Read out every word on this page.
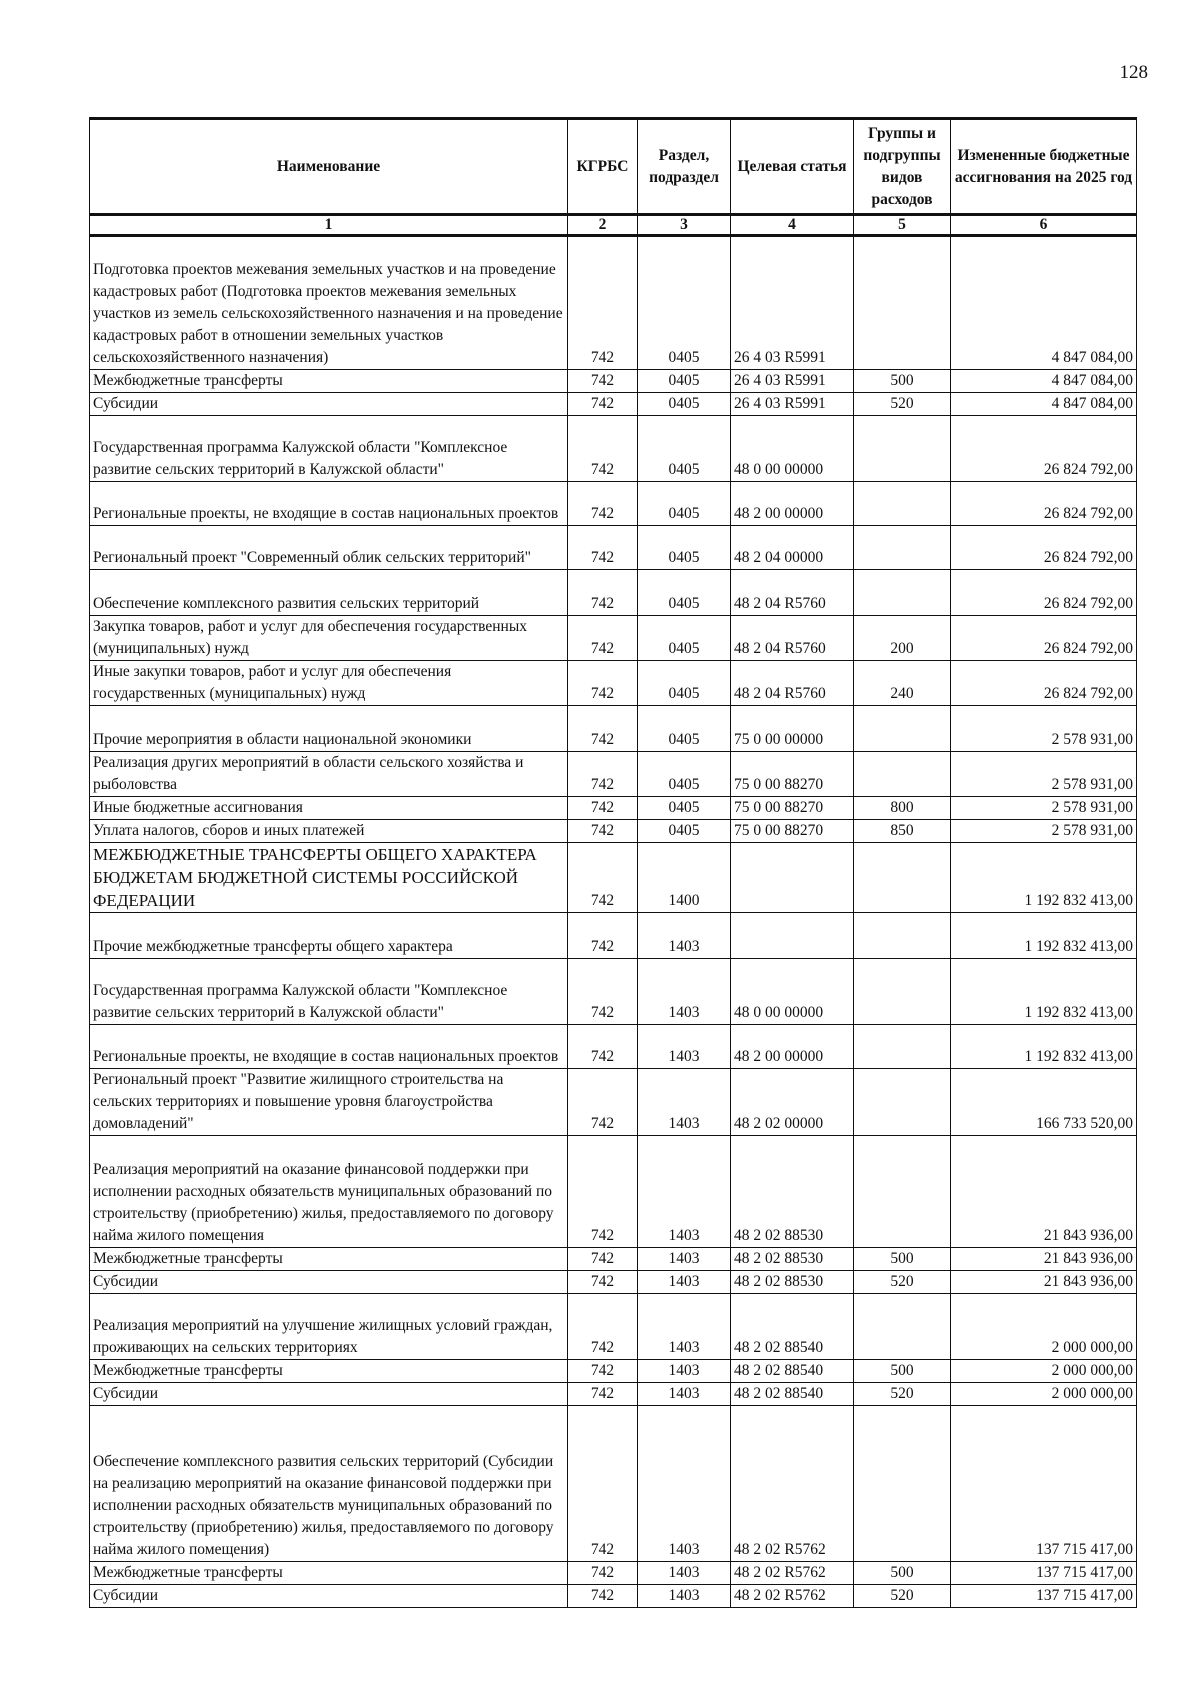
128
Наименование	КГРБС	Раздел, подраздел	Целевая статья	Группы и подгруппы видов расходов	Измененные бюджетные ассигнования на 2025 год
1	2	3	4	5	6
Подготовка проектов межевания земельных участков и на проведение кадастровых работ (Подготовка проектов межевания земельных участков из земель сельскохозяйственного назначения и на проведение кадастровых работ в отношении земельных участков сельскохозяйственного назначения)	742	0405	26 4 03 R5991		4 847 084,00
Межбюджетные трансферты	742	0405	26 4 03 R5991	500	4 847 084,00
Субсидии	742	0405	26 4 03 R5991	520	4 847 084,00
Государственная программа Калужской области "Комплексное развитие сельских территорий в Калужской области"	742	0405	48 0 00 00000		26 824 792,00
Региональные проекты, не входящие в состав национальных проектов	742	0405	48 2 00 00000		26 824 792,00
Региональный проект "Современный облик сельских территорий"	742	0405	48 2 04 00000		26 824 792,00
Обеспечение комплексного развития сельских территорий	742	0405	48 2 04 R5760		26 824 792,00
Закупка товаров, работ и услуг для обеспечения государственных (муниципальных) нужд	742	0405	48 2 04 R5760	200	26 824 792,00
Иные закупки товаров, работ и услуг для обеспечения государственных (муниципальных) нужд	742	0405	48 2 04 R5760	240	26 824 792,00
Прочие мероприятия в области национальной экономики	742	0405	75 0 00 00000		2 578 931,00
Реализация других мероприятий в области сельского хозяйства и рыболовства	742	0405	75 0 00 88270		2 578 931,00
Иные бюджетные ассигнования	742	0405	75 0 00 88270	800	2 578 931,00
Уплата налогов, сборов и иных платежей	742	0405	75 0 00 88270	850	2 578 931,00
МЕЖБЮДЖЕТНЫЕ ТРАНСФЕРТЫ ОБЩЕГО ХАРАКТЕРА БЮДЖЕТАМ БЮДЖЕТНОЙ СИСТЕМЫ РОССИЙСКОЙ ФЕДЕРАЦИИ	742	1400			1 192 832 413,00
Прочие межбюджетные трансферты общего характера	742	1403			1 192 832 413,00
Государственная программа Калужской области "Комплексное развитие сельских территорий в Калужской области"	742	1403	48 0 00 00000		1 192 832 413,00
Региональные проекты, не входящие в состав национальных проектов	742	1403	48 2 00 00000		1 192 832 413,00
Региональный проект "Развитие жилищного строительства на сельских территориях и повышение уровня благоустройства домовладений"	742	1403	48 2 02 00000		166 733 520,00
Реализация мероприятий на оказание финансовой поддержки при исполнении расходных обязательств муниципальных образований по строительству (приобретению) жилья, предоставляемого по договору найма жилого помещения	742	1403	48 2 02 88530		21 843 936,00
Межбюджетные трансферты	742	1403	48 2 02 88530	500	21 843 936,00
Субсидии	742	1403	48 2 02 88530	520	21 843 936,00
Реализация мероприятий на улучшение жилищных условий граждан, проживающих на сельских территориях	742	1403	48 2 02 88540		2 000 000,00
Межбюджетные трансферты	742	1403	48 2 02 88540	500	2 000 000,00
Субсидии	742	1403	48 2 02 88540	520	2 000 000,00
Обеспечение комплексного развития сельских территорий (Субсидии на реализацию мероприятий на оказание финансовой поддержки при исполнении расходных обязательств муниципальных образований по строительству (приобретению) жилья, предоставляемого по договору найма жилого помещения)	742	1403	48 2 02 R5762		137 715 417,00
Межбюджетные трансферты	742	1403	48 2 02 R5762	500	137 715 417,00
Субсидии	742	1403	48 2 02 R5762	520	137 715 417,00
